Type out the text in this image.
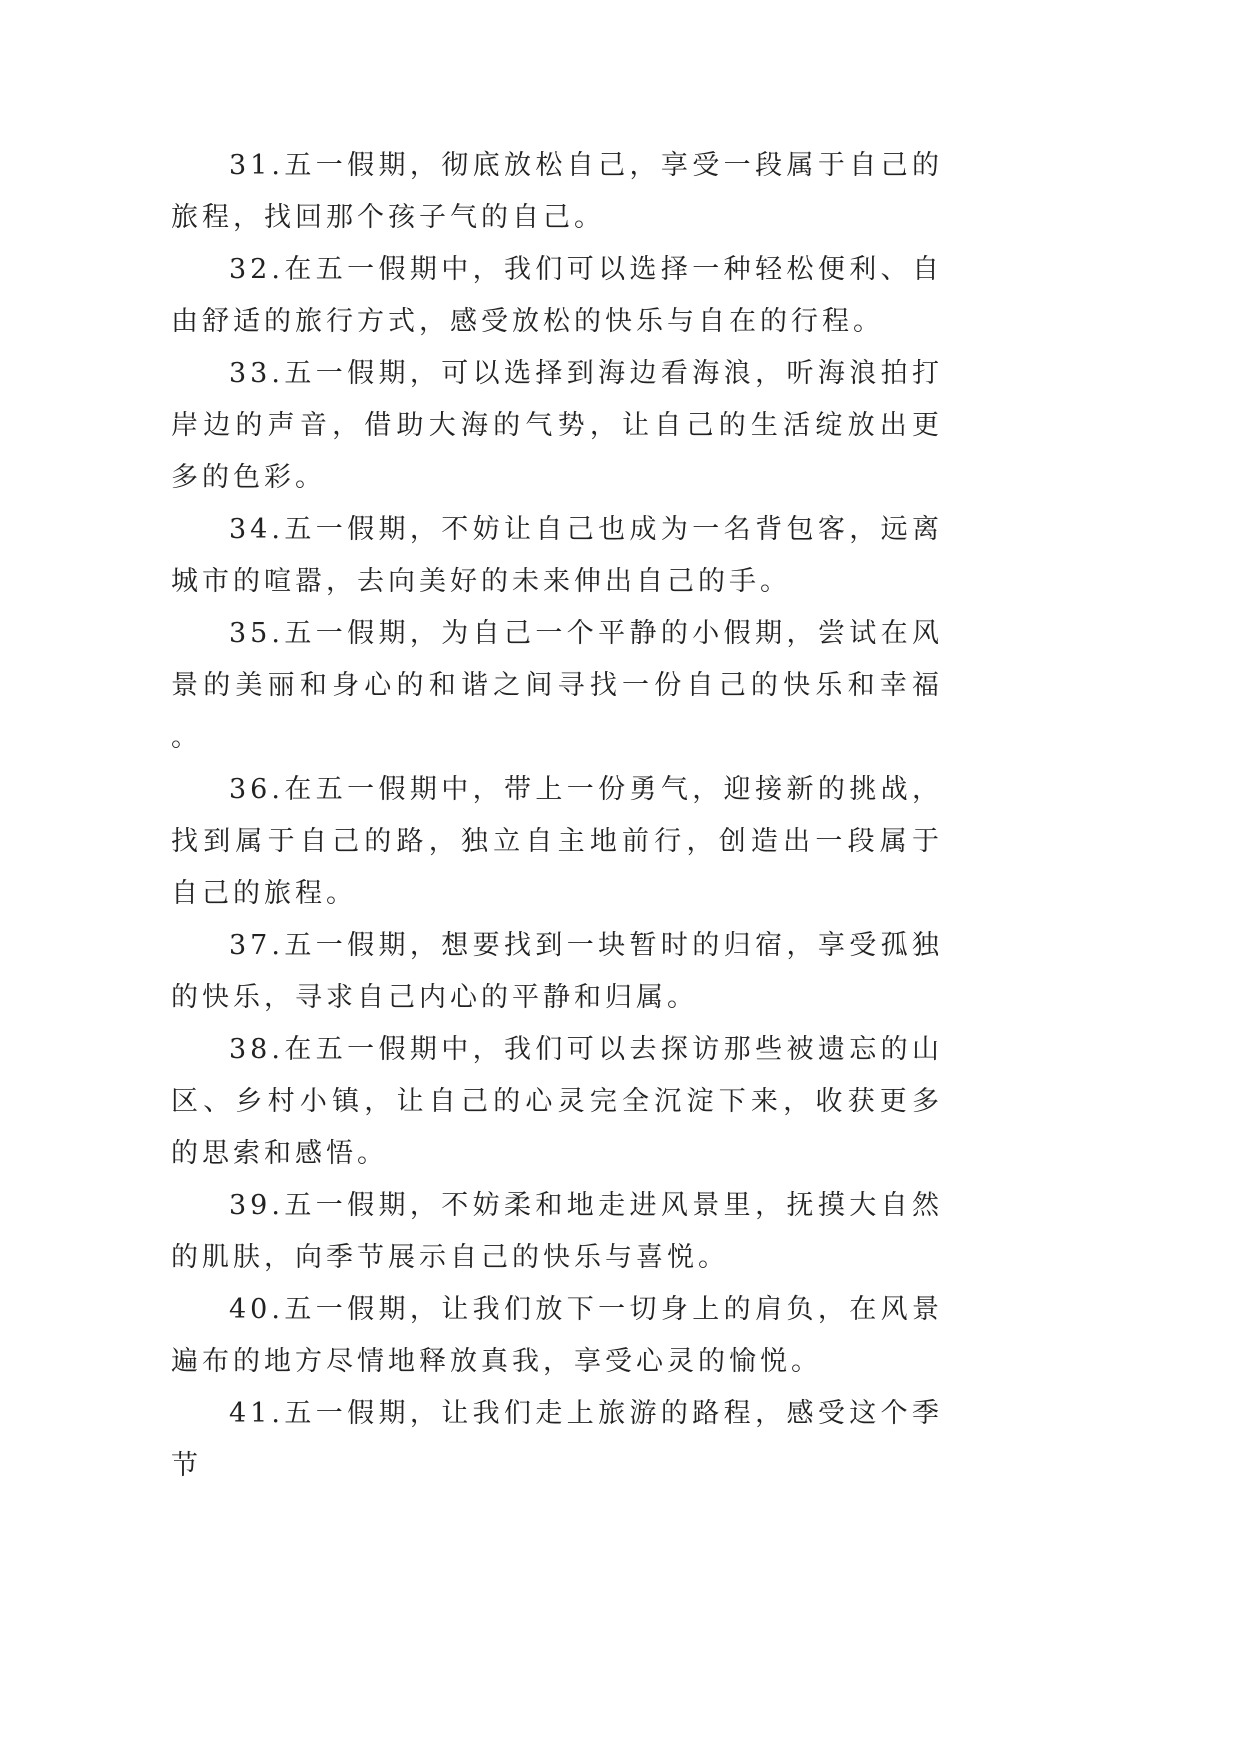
31.五一假期，彻底放松自己，享受一段属于自己的旅程，找回那个孩子气的自己。

32.在五一假期中，我们可以选择一种轻松便利、自由舒适的旅行方式，感受放松的快乐与自在的行程。

33.五一假期，可以选择到海边看海浪，听海浪拍打岸边的声音，借助大海的气势，让自己的生活绽放出更多的色彩。

34.五一假期，不妨让自己也成为一名背包客，远离城市的喧嚣，去向美好的未来伸出自己的手。

35.五一假期，为自己一个平静的小假期，尝试在风景的美丽和身心的和谐之间寻找一份自己的快乐和幸福。

36.在五一假期中，带上一份勇气，迎接新的挑战，找到属于自己的路，独立自主地前行，创造出一段属于自己的旅程。

37.五一假期，想要找到一块暂时的归宿，享受孤独的快乐，寻求自己内心的平静和归属。

38.在五一假期中，我们可以去探访那些被遗忘的山区、乡村小镇，让自己的心灵完全沉淀下来，收获更多的思索和感悟。

39.五一假期，不妨柔和地走进风景里，抚摸大自然的肌肤，向季节展示自己的快乐与喜悦。

40.五一假期，让我们放下一切身上的肩负，在风景遍布的地方尽情地释放真我，享受心灵的愉悦。

41.五一假期，让我们走上旅游的路程，感受这个季节
